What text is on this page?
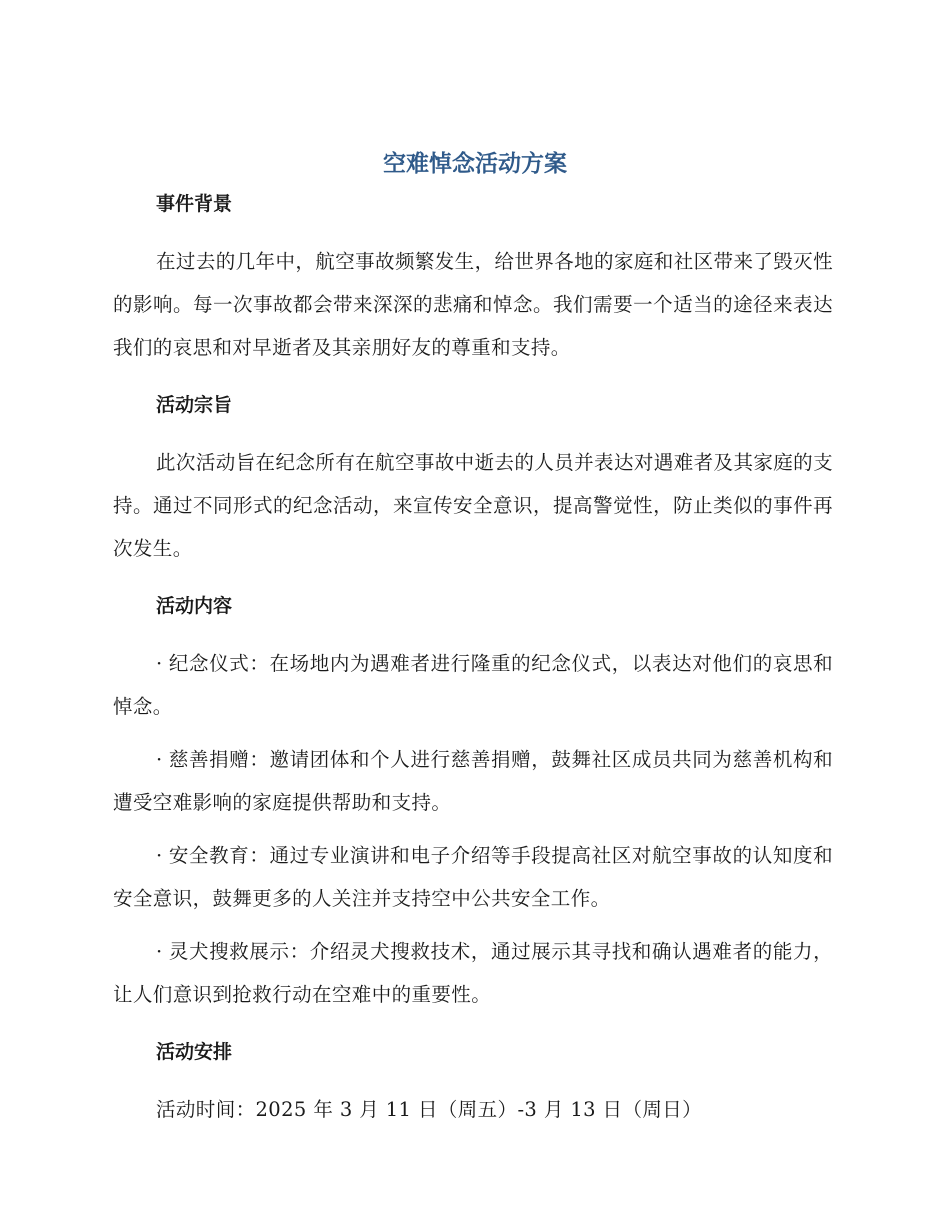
空难悼念活动方案
事件背景

在过去的几年中，航空事故频繁发生，给世界各地的家庭和社区带来了毁灭性的影响。每一次事故都会带来深深的悲痛和悼念。我们需要一个适当的途径来表达我们的哀思和对早逝者及其亲朋好友的尊重和支持。

活动宗旨

此次活动旨在纪念所有在航空事故中逝去的人员并表达对遇难者及其家庭的支持。通过不同形式的纪念活动，来宣传安全意识，提高警觉性，防止类似的事件再次发生。

活动内容

· 纪念仪式：在场地内为遇难者进行隆重的纪念仪式，以表达对他们的哀思和悼念。

· 慈善捐赠：邀请团体和个人进行慈善捐赠，鼓舞社区成员共同为慈善机构和遭受空难影响的家庭提供帮助和支持。

· 安全教育：通过专业演讲和电子介绍等手段提高社区对航空事故的认知度和安全意识，鼓舞更多的人关注并支持空中公共安全工作。

· 灵犬搜救展示：介绍灵犬搜救技术，通过展示其寻找和确认遇难者的能力，让人们意识到抢救行动在空难中的重要性。

活动安排

活动时间：2025 年 3 月 11 日（周五）-3 月 13 日（周日）
